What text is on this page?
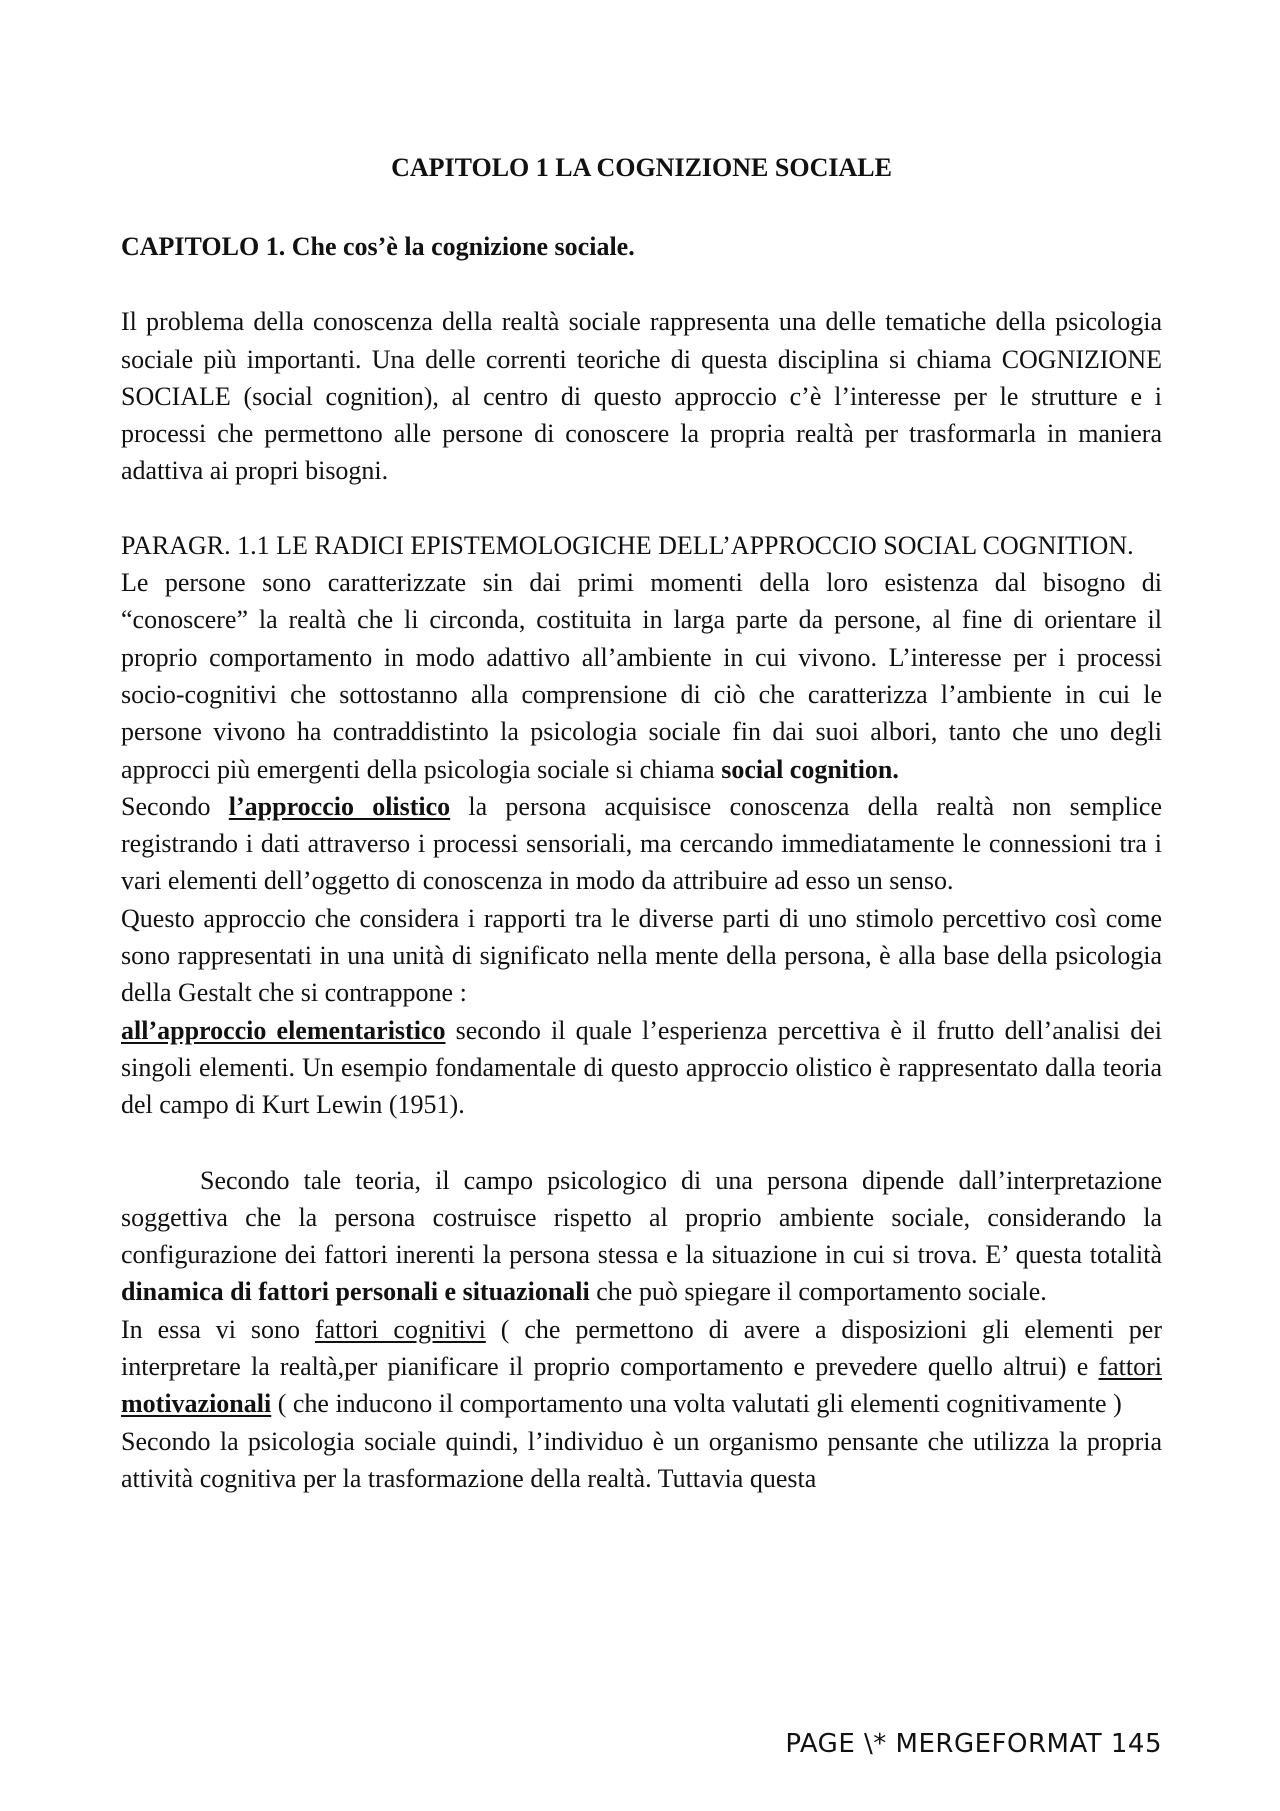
CAPITOLO 1 LA COGNIZIONE SOCIALE

CAPITOLO 1. Che cos’è la cognizione sociale.

Il problema della conoscenza della realtà sociale rappresenta una delle tematiche della psicologia sociale più importanti. Una delle correnti teoriche di questa disciplina si chiama COGNIZIONE SOCIALE (social cognition), al centro di questo approccio c’è l’interesse per le strutture e i processi che permettono alle persone di conoscere la propria realtà per trasformarla in maniera adattiva ai propri bisogni.

PARAGR. 1.1 LE RADICI EPISTEMOLOGICHE DELL’APPROCCIO SOCIAL COGNITION.

Le persone sono caratterizzate sin dai primi momenti della loro esistenza dal bisogno di “conoscere” la realtà che li circonda, costituita in larga parte da persone, al fine di orientare il proprio comportamento in modo adattivo all’ambiente in cui vivono. L’interesse per i processi socio-cognitivi che sottostanno alla comprensione di ciò che caratterizza l’ambiente in cui le persone vivono ha contraddistinto la psicologia sociale fin dai suoi albori, tanto che uno degli approcci più emergenti della psicologia sociale si chiama social cognition.

Secondo l’approccio olistico la persona acquisisce conoscenza della realtà non semplice registrando i dati attraverso i processi sensoriali, ma cercando immediatamente le connessioni tra i vari elementi dell’oggetto di conoscenza in modo da attribuire ad esso un senso.

Questo approccio che considera i rapporti tra le diverse parti di uno stimolo percettivo così come sono rappresentati in una unità di significato nella mente della persona, è alla base della psicologia della Gestalt che si contrappone :

all’approccio elementaristico secondo il quale l’esperienza percettiva è il frutto dell’analisi dei singoli elementi. Un esempio fondamentale di questo approccio olistico è rappresentato dalla teoria del campo di Kurt Lewin (1951).

Secondo tale teoria, il campo psicologico di una persona dipende dall’interpretazione soggettiva che la persona costruisce rispetto al proprio ambiente sociale, considerando la configurazione dei fattori inerenti la persona stessa e la situazione in cui si trova. E’ questa totalità dinamica di fattori personali e situazionali che può spiegare il comportamento sociale.

In essa vi sono fattori cognitivi ( che permettono di avere a disposizioni gli elementi per interpretare la realtà,per pianificare il proprio comportamento e prevedere quello altrui) e fattori motivazionali ( che inducono il comportamento una volta valutati gli elementi cognitivamente )

Secondo la psicologia sociale quindi, l’individuo è un organismo pensante che utilizza la propria attività cognitiva per la trasformazione della realtà. Tuttavia questa

PAGE \* MERGEFORMAT 145
